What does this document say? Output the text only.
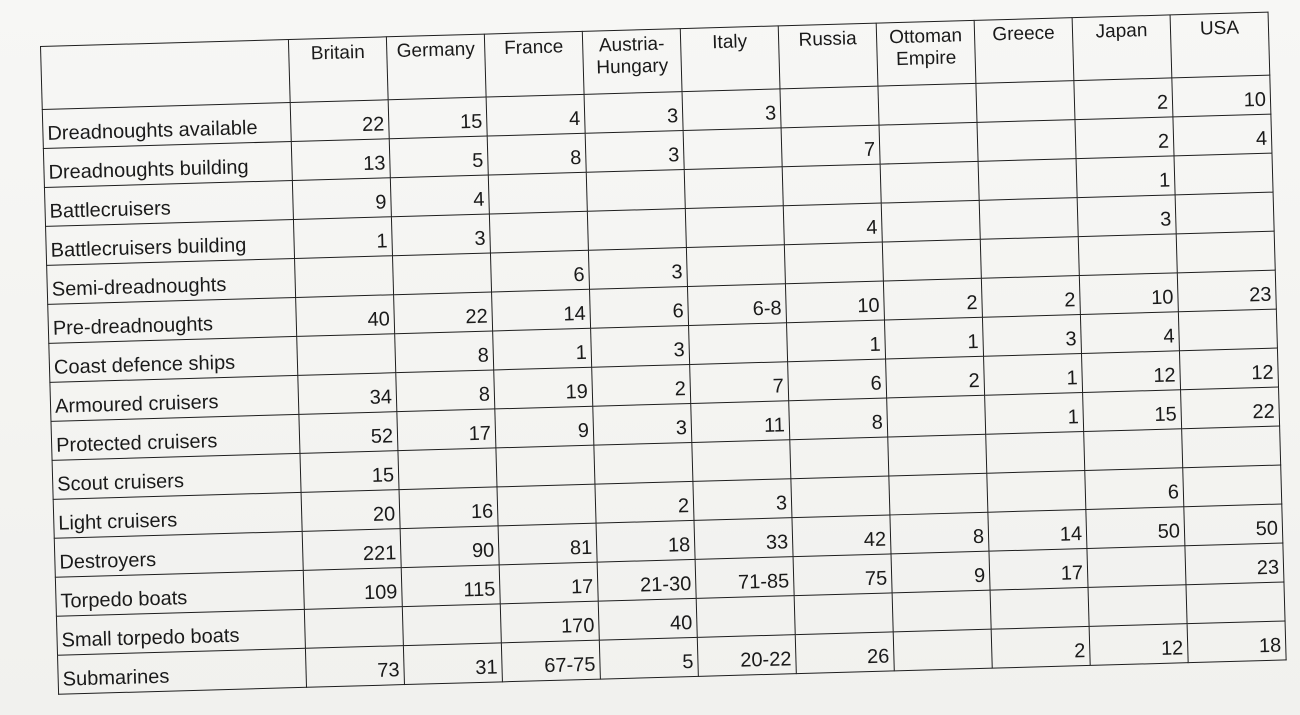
	Britain	Germany	France	Austria-Hungary	Italy	Russia	Ottoman Empire	Greece	Japan	USA
Dreadnoughts available	22	15	4	3	3				2	10
Dreadnoughts building	13	5	8	3		7			2	4
Battlecruisers	9	4							1	
Battlecruisers building	1	3				4			3	
Semi-dreadnoughts			6	3						
Pre-dreadnoughts	40	22	14	6	6-8	10	2	2	10	23
Coast defence ships		8	1	3		1	1	3	4	
Armoured cruisers	34	8	19	2	7	6	2	1	12	12
Protected cruisers	52	17	9	3	11	8		1	15	22
Scout cruisers	15									
Light cruisers	20	16		2	3				6	
Destroyers	221	90	81	18	33	42	8	14	50	50
Torpedo boats	109	115	17	21-30	71-85	75	9	17		23
Small torpedo boats			170	40						
Submarines	73	31	67-75	5	20-22	26		2	12	18
